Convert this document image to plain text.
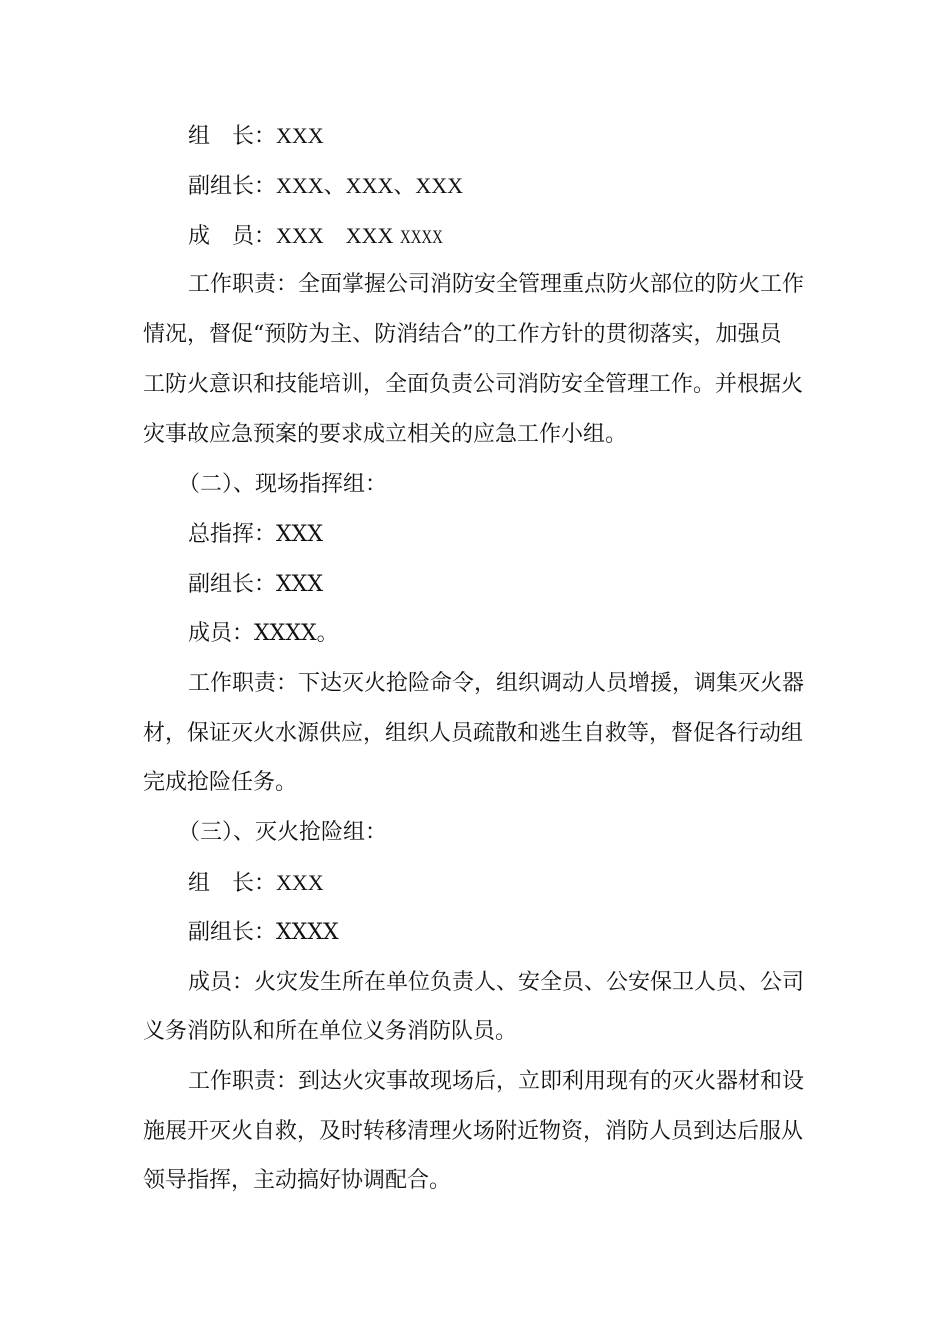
组 长：XXX
副组长：XXX、XXX、XXX
成 员：XXX XXX XXXX
工作职责：全面掌握公司消防安全管理重点防火部位的防火工作
情况，督促“预防为主、防消结合”的工作方针的贯彻落实，加强员
工防火意识和技能培训，全面负责公司消防安全管理工作。并根据火
灾事故应急预案的要求成立相关的应急工作小组。
（二）、现场指挥组：
总指挥：XXX
副组长：XXX
成员：XXXX。
工作职责：下达灭火抢险命令，组织调动人员增援，调集灭火器
材，保证灭火水源供应，组织人员疏散和逃生自救等，督促各行动组
完成抢险任务。
（三）、灭火抢险组：
组 长：XXX
副组长：XXXX
成员：火灾发生所在单位负责人、安全员、公安保卫人员、公司
义务消防队和所在单位义务消防队员。
工作职责：到达火灾事故现场后，立即利用现有的灭火器材和设
施展开灭火自救，及时转移清理火场附近物资，消防人员到达后服从
领导指挥，主动搞好协调配合。
